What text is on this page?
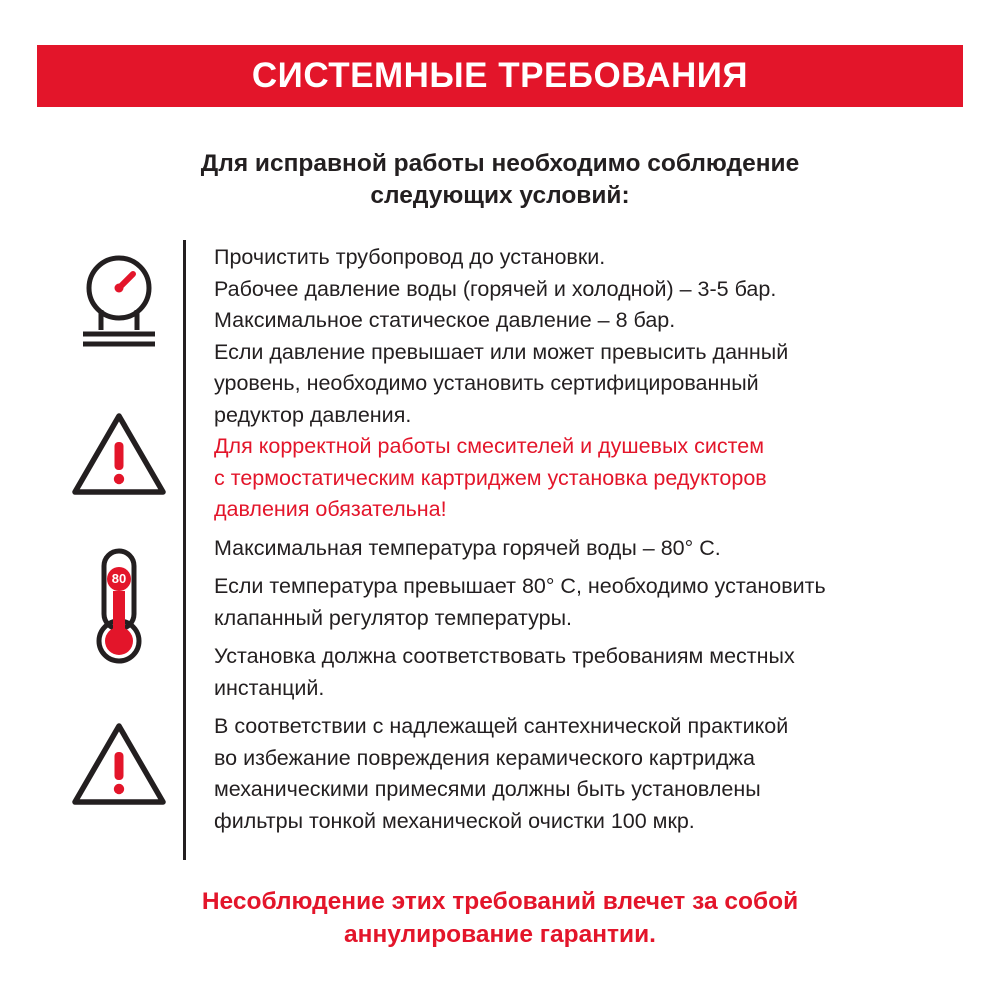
СИСТЕМНЫЕ ТРЕБОВАНИЯ
Для исправной работы необходимо соблюдение
следующих условий:
80

Прочистить трубопровод до установки.

Рабочее давление воды (горячей и холодной) – 3-5 бар.

Максимальное статическое давление – 8 бар.

Если давление превышает или может превысить данный

уровень, необходимо установить сертифицированный

редуктор давления.

Для корректной работы смесителей и душевых систем

с термостатическим картриджем установка редукторов

давления обязательна!

Максимальная температура горячей воды – 80° С.

Если температура превышает 80° С, необходимо установить

клапанный регулятор температуры.

Установка должна соответствовать требованиям местных

инстанций.

В соответствии с надлежащей сантехнической практикой

во избежание повреждения керамического картриджа

механическими примесями должны быть установлены

фильтры тонкой механической очистки 100 мкр.

Несоблюдение этих требований влечет за собой
аннулирование гарантии.
